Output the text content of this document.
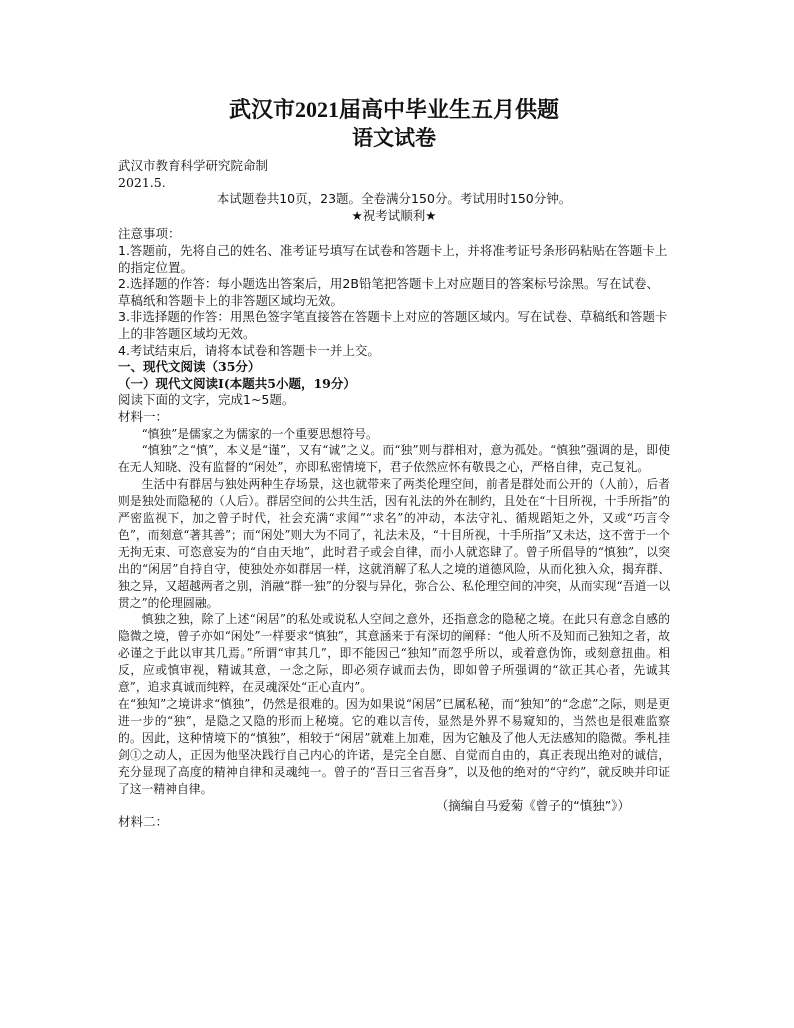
武汉市2021届高中毕业生五月供题
语文试卷

武汉市教育科学研究院命制

2021.5.

本试题卷共10页，23题。全卷满分150分。考试用时150分钟。

★祝考试顺利★

注意事项：

1.答题前，先将自己的姓名、准考证号填写在试卷和答题卡上，并将准考证号条形码粘贴在答题卡上的指定位置。

2.选择题的作答：每小题选出答案后，用2B铅笔把答题卡上对应题目的答案标号涂黑。写在试卷、草稿纸和答题卡上的非答题区域均无效。

3.非选择题的作答：用黑色签字笔直接答在答题卡上对应的答题区域内。写在试卷、草稿纸和答题卡上的非答题区域均无效。

4.考试结束后，请将本试卷和答题卡一并上交。

一、现代文阅读（35分）

（一）现代文阅读I(本题共5小题，19分）

阅读下面的文字，完成1~5题。

材料一：

“慎独”是儒家之为儒家的一个重要思想符号。

“慎独”之“慎”，本义是“谨”，又有“诚”之义。而“独”则与群相对，意为孤处。“慎独”强调的是，即使在无人知晓、没有监督的“闲处”，亦即私密情境下，君子依然应怀有敬畏之心，严格自律，克己复礼。

生活中有群居与独处两种生存场景，这也就带来了两类伦理空间，前者是群处而公开的（人前），后者则是独处而隐秘的（人后）。群居空间的公共生活，因有礼法的外在制约，且处在“十目所视，十手所指”的严密监视下，加之曾子时代，社会充满“求闻”“求名”的冲动，本法守礼、循规蹈矩之外，又或“巧言令色”，而刻意“著其善”；而“闲处”则大为不同了，礼法未及，“十目所视，十手所指”又未达，这不啻于一个无拘无束、可恣意妄为的“自由天地”，此时君子或会自律，而小人就恣肆了。曾子所倡导的“慎独”，以突出的“闲居”自持自守，使独处亦如群居一样，这就消解了私人之境的道德风险，从而化独入众，揭弃群、独之异，又超越两者之别，消融“群一独”的分裂与异化，弥合公、私伦理空间的冲突，从而实现“吾道一以贯之”的伦理圆融。

慎独之独，除了上述“闲居”的私处或说私人空间之意外，还指意念的隐秘之境。在此只有意念自感的隐微之境，曾子亦如“闲处”一样要求“慎独”，其意涵来于有深切的阐释：“他人所不及知而己独知之者，故必谨之于此以审其几焉。”所谓“审其几”，即不能因己“独知”而忽乎所以，或着意伪饰，或刻意扭曲。相反，应或慎审视，精诚其意，一念之际，即必须存诚而去伪，即如曾子所强调的“欲正其心者，先诚其意”，追求真诚而纯粹，在灵魂深处“正心直内”。

在“独知”之境讲求“慎独”，仍然是很难的。因为如果说“闲居”已属私秘，而“独知”的“念虑”之际，则是更进一步的“独”，是隐之又隐的形而上秘境。它的难以言传，显然是外界不易窥知的，当然也是很难监察的。因此，这种情境下的“慎独”，相较于“闲居”就难上加难，因为它触及了他人无法感知的隐微。季札挂剑①之动人，正因为他坚决践行自己内心的许诺，是完全自愿、自觉而自由的，真正表现出绝对的诚信，充分显现了高度的精神自律和灵魂纯一。曾子的“吾日三省吾身”，以及他的绝对的“守约”，就反映并印证了这一精神自律。

（摘编自马爱菊《曾子的“慎独”》）

材料二：
